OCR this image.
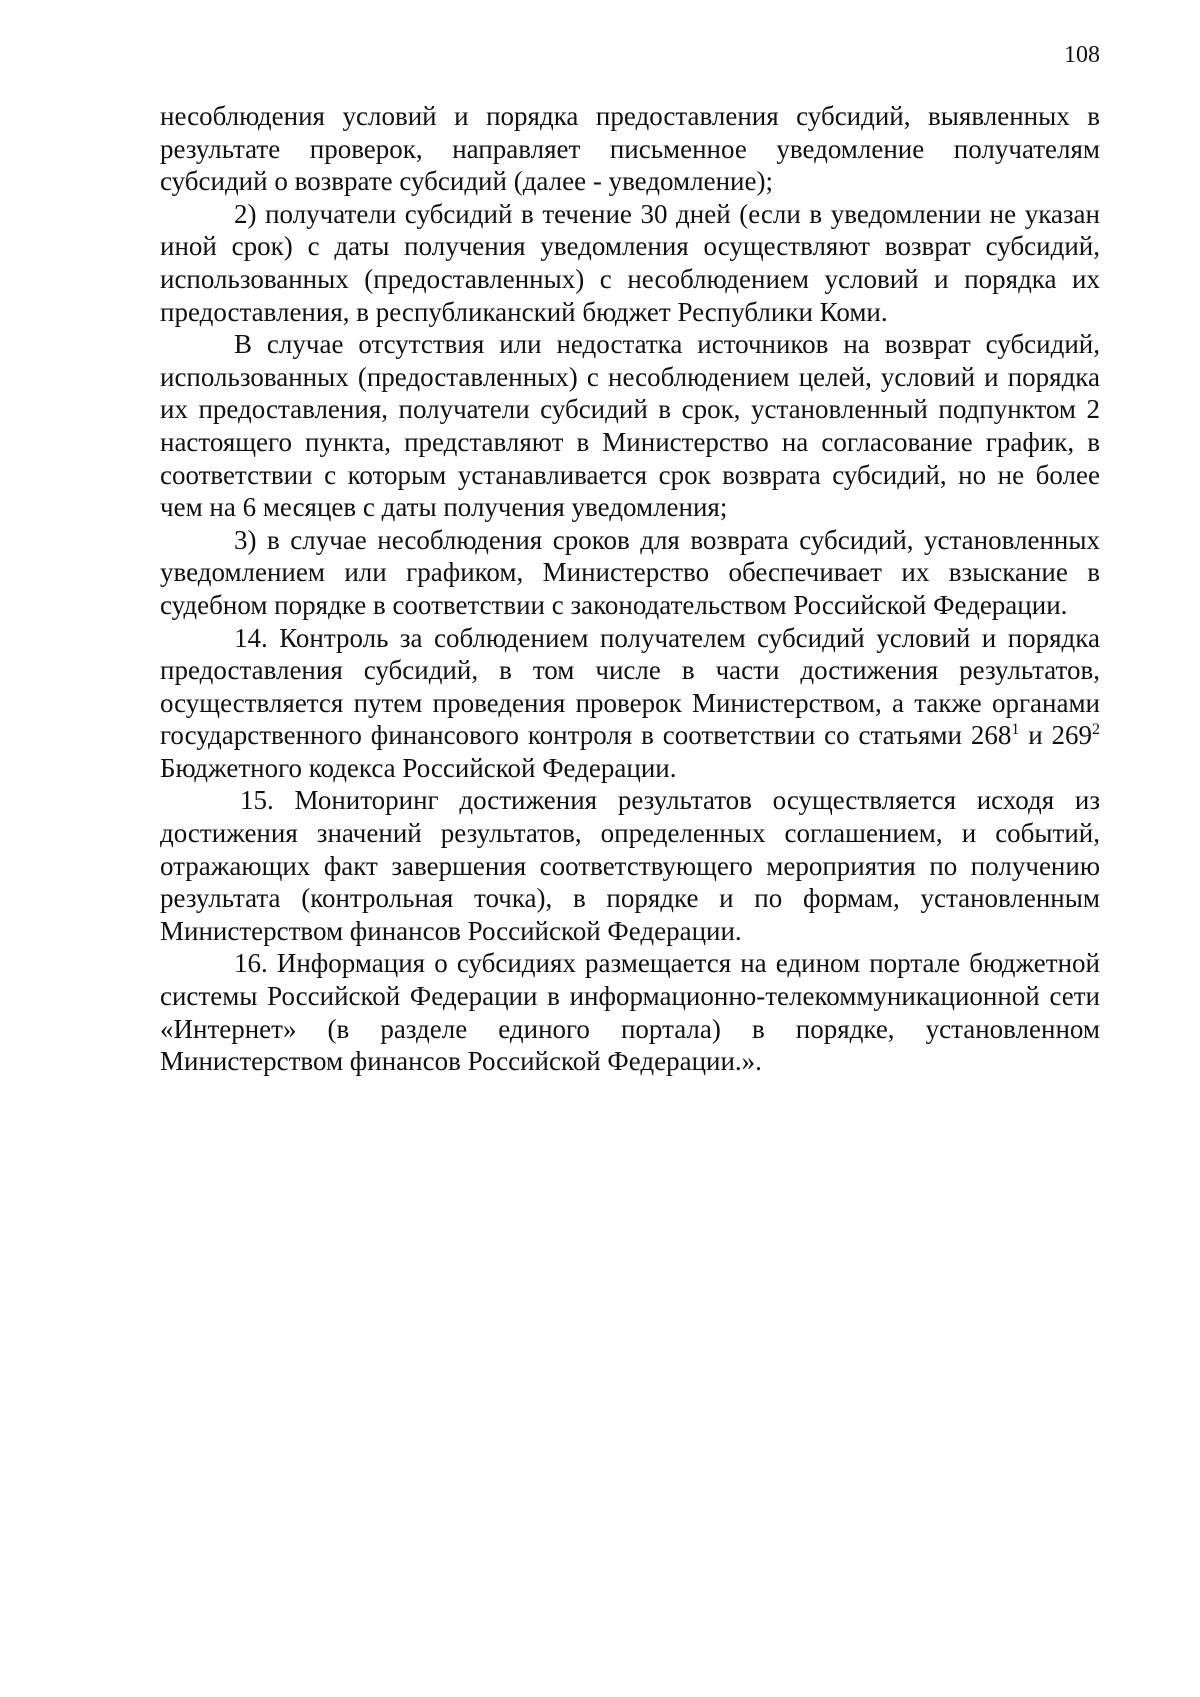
108

несоблюдения условий и порядка предоставления субсидий, выявленных в результате проверок, направляет письменное уведомление получателям субсидий о возврате субсидий (далее - уведомление);

2) получатели субсидий в течение 30 дней (если в уведомлении не указан иной срок) с даты получения уведомления осуществляют возврат субсидий, использованных (предоставленных) с несоблюдением условий и порядка их предоставления, в республиканский бюджет Республики Коми.

В случае отсутствия или недостатка источников на возврат субсидий, использованных (предоставленных) с несоблюдением целей, условий и порядка их предоставления, получатели субсидий в срок, установленный подпунктом 2 настоящего пункта, представляют в Министерство на согласование график, в соответствии с которым устанавливается срок возврата субсидий, но не более чем на 6 месяцев с даты получения уведомления;

3) в случае несоблюдения сроков для возврата субсидий, установленных уведомлением или графиком, Министерство обеспечивает их взыскание в судебном порядке в соответствии с законодательством Российской Федерации.

14. Контроль за соблюдением получателем субсидий условий и порядка предоставления субсидий, в том числе в части достижения результатов, осуществляется путем проведения проверок Министерством, а также органами государственного финансового контроля в соответствии со статьями $268^1$ и $269^2$ Бюджетного кодекса Российской Федерации.

15. Мониторинг достижения результатов осуществляется исходя из достижения значений результатов, определенных соглашением, и событий, отражающих факт завершения соответствующего мероприятия по получению результата (контрольная точка), в порядке и по формам, установленным Министерством финансов Российской Федерации.

16. Информация о субсидиях размещается на едином портале бюджетной системы Российской Федерации в информационно-телекоммуникационной сети «Интернет» (в разделе единого портала) в порядке, установленном Министерством финансов Российской Федерации.».
